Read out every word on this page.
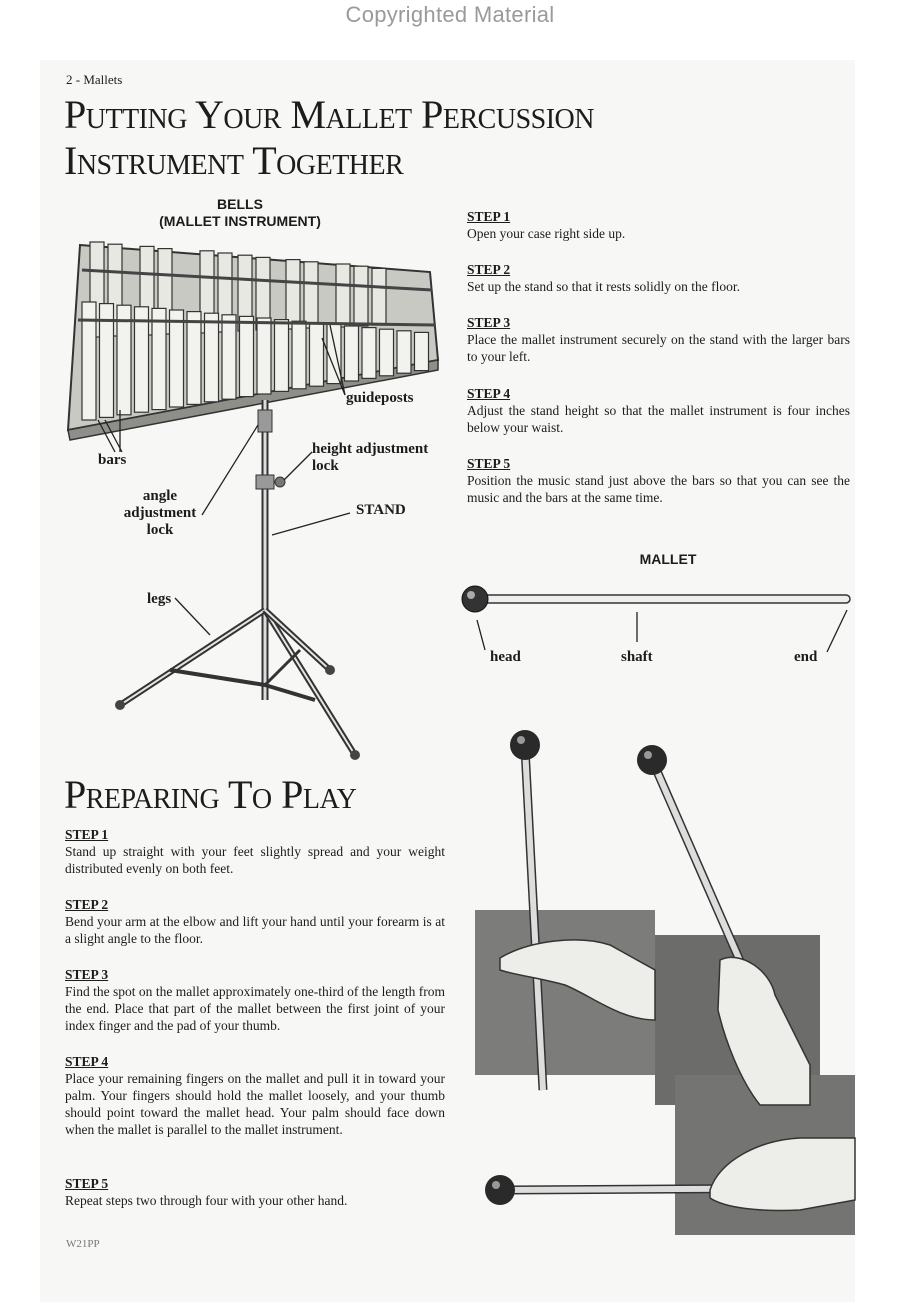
Copyrighted Material
2 - Mallets
Putting Your Mallet Percussion
Instrument Together
BELLS
(MALLET INSTRUMENT)
guideposts
bars
height adjustment
lock
angle
adjustment
lock
STAND
legs
STEP 1
Open your case right side up.
STEP 2
Set up the stand so that it rests solidly on the floor.
STEP 3
Place the mallet instrument securely on the stand with the larger bars to your left.
STEP 4
Adjust the stand height so that the mallet instrument is four inches below your waist.
STEP 5
Position the music stand just above the bars so that you can see the music and the bars at the same time.
MALLET
head	shaft	end
Preparing To Play
STEP 1
Stand up straight with your feet slightly spread and your weight distributed evenly on both feet.
STEP 2
Bend your arm at the elbow and lift your hand until your forearm is at a slight angle to the floor.
STEP 3
Find the spot on the mallet approximately one-third of the length from the end. Place that part of the mallet between the first joint of your index finger and the pad of your thumb.
STEP 4
Place your remaining fingers on the mallet and pull it in toward your palm. Your fingers should hold the mallet loosely, and your thumb should point toward the mallet head. Your palm should face down when the mallet is parallel to the mallet instrument.
STEP 5
Repeat steps two through four with your other hand.
W21PP
